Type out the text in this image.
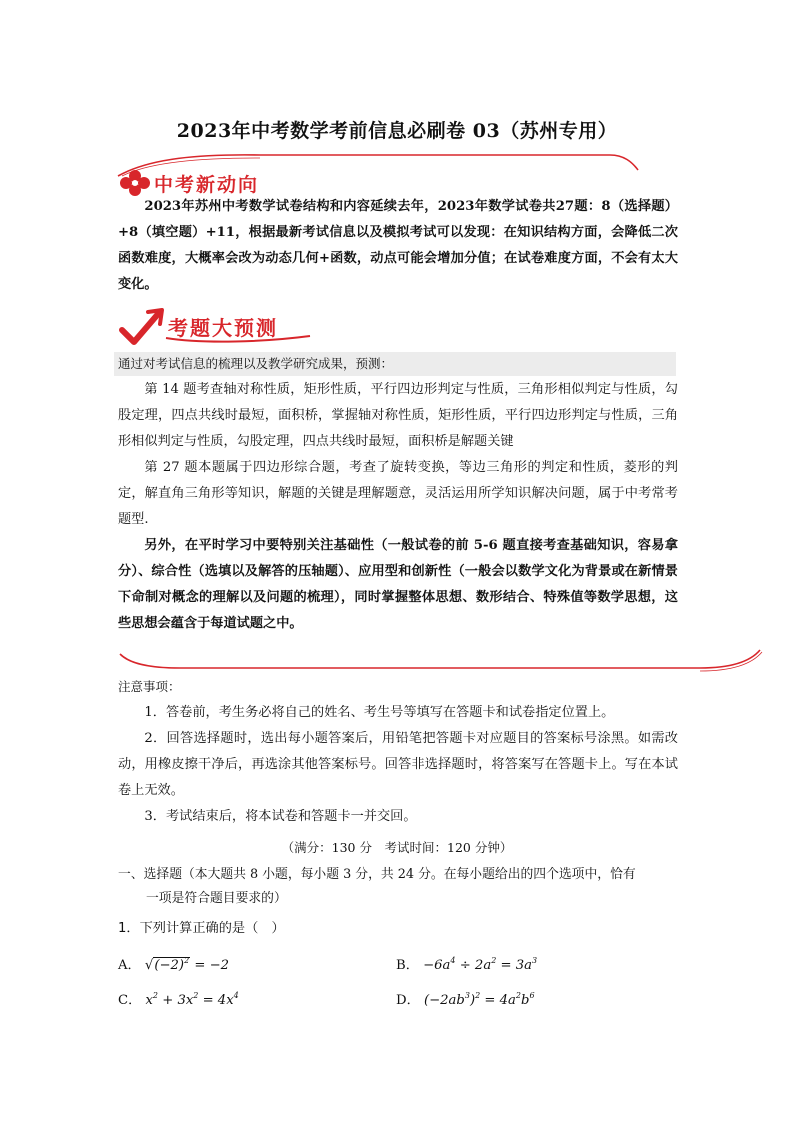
2023年中考数学考前信息必刷卷 03（苏州专用）
中考新动向

2023年苏州中考数学试卷结构和内容延续去年，2023年数学试卷共27题：8（选择题）+8（填空题）+11，根据最新考试信息以及模拟考试可以发现：在知识结构方面，会降低二次函数难度，大概率会改为动态几何+函数，动点可能会增加分值；在试卷难度方面，不会有太大变化。

考题大预测
通过对考试信息的梳理以及教学研究成果，预测：

第 14 题考查轴对称性质，矩形性质，平行四边形判定与性质，三角形相似判定与性质，勾股定理，四点共线时最短，面积桥，掌握轴对称性质，矩形性质，平行四边形判定与性质，三角形相似判定与性质，勾股定理，四点共线时最短，面积桥是解题关键

第 27 题本题属于四边形综合题，考查了旋转变换，等边三角形的判定和性质，菱形的判定，解直角三角形等知识，解题的关键是理解题意，灵活运用所学知识解决问题，属于中考常考题型.

另外，在平时学习中要特别关注基础性（一般试卷的前 5-6 题直接考查基础知识，容易拿分）、综合性（选填以及解答的压轴题）、应用型和创新性（一般会以数学文化为背景或在新情景下命制对概念的理解以及问题的梳理），同时掌握整体思想、数形结合、特殊值等数学思想，这些思想会蕴含于每道试题之中。

注意事项：

1．答卷前，考生务必将自己的姓名、考生号等填写在答题卡和试卷指定位置上。

2．回答选择题时，选出每小题答案后，用铅笔把答题卡对应题目的答案标号涂黑。如需改动，用橡皮擦干净后，再选涂其他答案标号。回答非选择题时，将答案写在答题卡上。写在本试卷上无效。

3．考试结束后，将本试卷和答题卡一并交回。

（满分：130 分　考试时间：120 分钟）
一、选择题（本大题共 8 小题，每小题 3 分，共 24 分。在每小题给出的四个选项中，恰有
一项是符合题目要求的）
1．下列计算正确的是（　）
A． $√(-2)^2 = -2$	B． $-6a^4 \div 2a^2 = 3a^3$
C． $x^2 + 3x^2 = 4x^4$	D． $(-2ab^3)^2 = 4a^2b^6$
